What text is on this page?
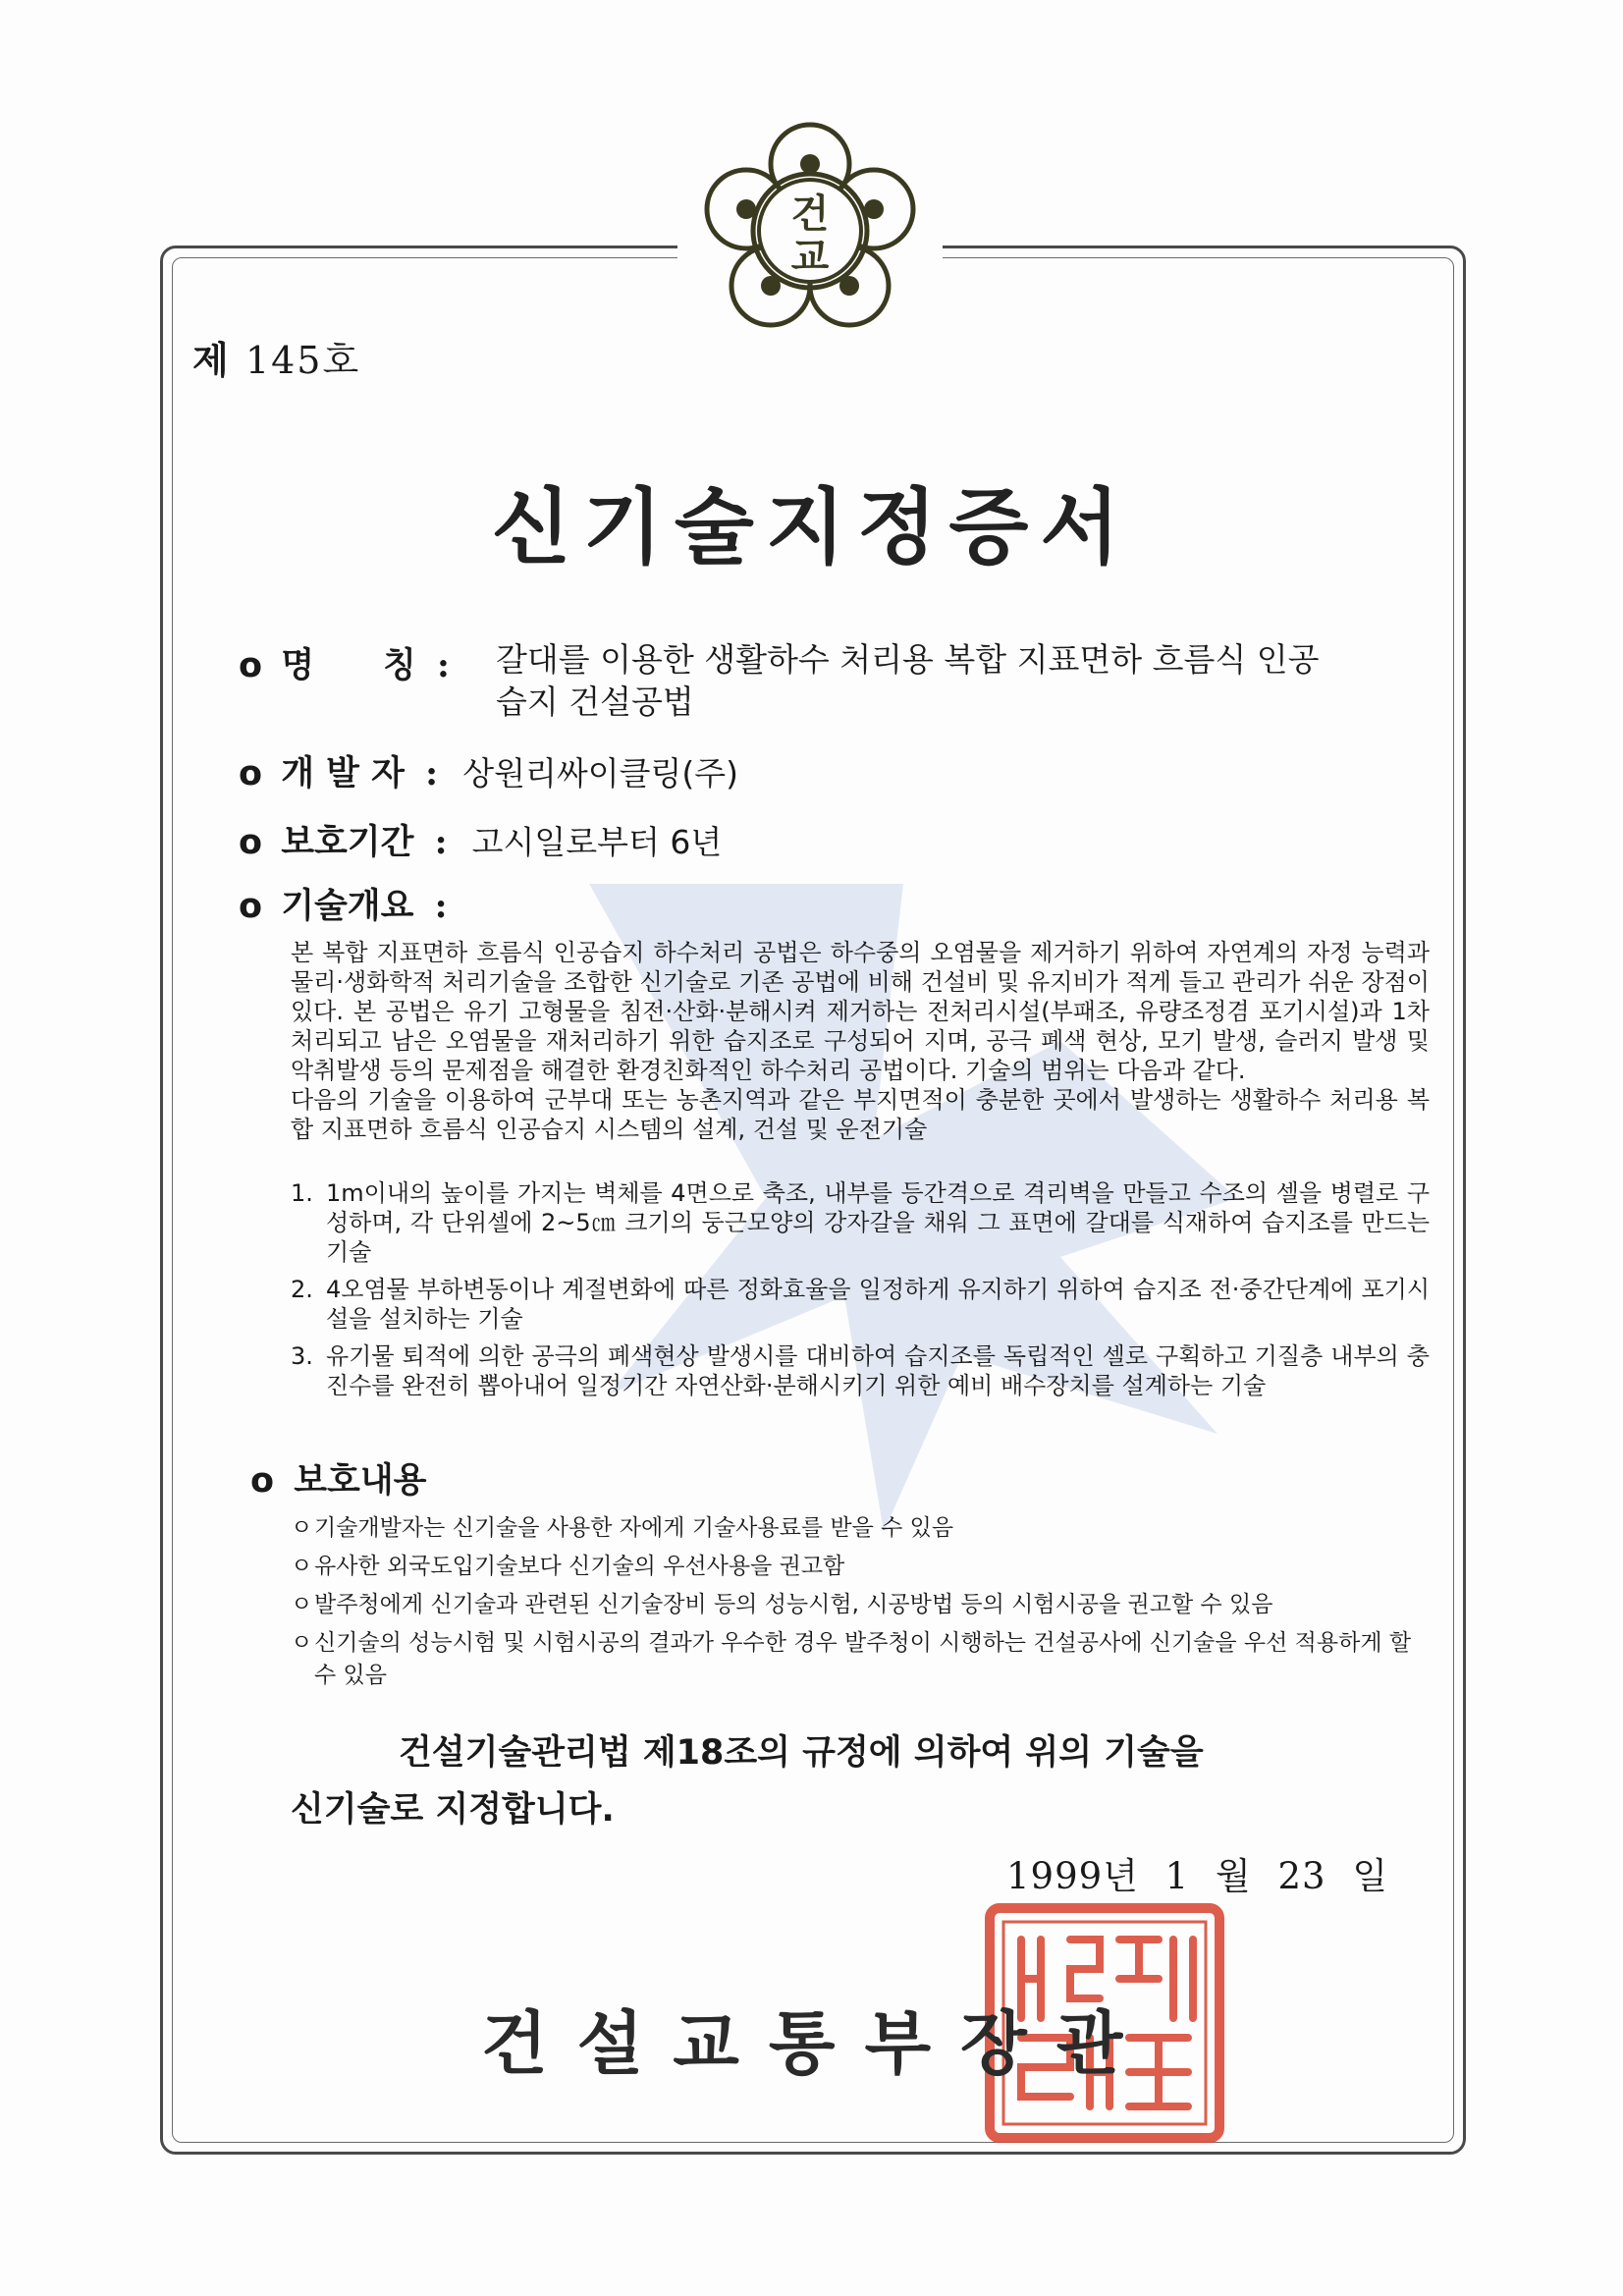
건
교
제 145호
신기술지정증서
o 명　　칭 :	갈대를 이용한 생활하수 처리용 복합 지표면하 흐름식 인공
습지 건설공법
o 개 발 자 : 상원리싸이클링(주)
o 보호기간 : 고시일로부터 6년
o 기술개요 :

본 복합 지표면하 흐름식 인공습지 하수처리 공법은 하수중의 오염물을 제거하기 위하여 자연계의 자정 능력과 물리·생화학적 처리기술을 조합한 신기술로 기존 공법에 비해 건설비 및 유지비가 적게 들고 관리가 쉬운 장점이 있다. 본 공법은 유기 고형물을 침전·산화·분해시켜 제거하는 전처리시설(부패조, 유량조정겸 포기시설)과 1차 처리되고 남은 오염물을 재처리하기 위한 습지조로 구성되어 지며, 공극 폐색 현상, 모기 발생, 슬러지 발생 및 악취발생 등의 문제점을 해결한 환경친화적인 하수처리 공법이다. 기술의 범위는 다음과 같다.

다음의 기술을 이용하여 군부대 또는 농촌지역과 같은 부지면적이 충분한 곳에서 발생하는 생활하수 처리용 복합 지표면하 흐름식 인공습지 시스템의 설계, 건설 및 운전기술

1. 1m이내의 높이를 가지는 벽체를 4면으로 축조, 내부를 등간격으로 격리벽을 만들고 수조의 셀을 병렬로 구성하며, 각 단위셀에 2~5㎝ 크기의 둥근모양의 강자갈을 채워 그 표면에 갈대를 식재하여 습지조를 만드는 기술
2. 4오염물 부하변동이나 계절변화에 따른 정화효율을 일정하게 유지하기 위하여 습지조 전·중간단계에 포기시설을 설치하는 기술
3. 유기물 퇴적에 의한 공극의 폐색현상 발생시를 대비하여 습지조를 독립적인 셀로 구획하고 기질층 내부의 충진수를 완전히 뽑아내어 일정기간 자연산화·분해시키기 위한 예비 배수장치를 설계하는 기술
o 보호내용
ㅇ 기술개발자는 신기술을 사용한 자에게 기술사용료를 받을 수 있음
ㅇ 유사한 외국도입기술보다 신기술의 우선사용을 권고함
ㅇ 발주청에게 신기술과 관련된 신기술장비 등의 성능시험, 시공방법 등의 시험시공을 권고할 수 있음
ㅇ 신기술의 성능시험 및 시험시공의 결과가 우수한 경우 발주청이 시행하는 건설공사에 신기술을 우선 적용하게 할 수 있음
건설기술관리법 제18조의 규정에 의하여 위의 기술을
신기술로 지정합니다.
1999년 1 월 23 일
건설교통부장관
